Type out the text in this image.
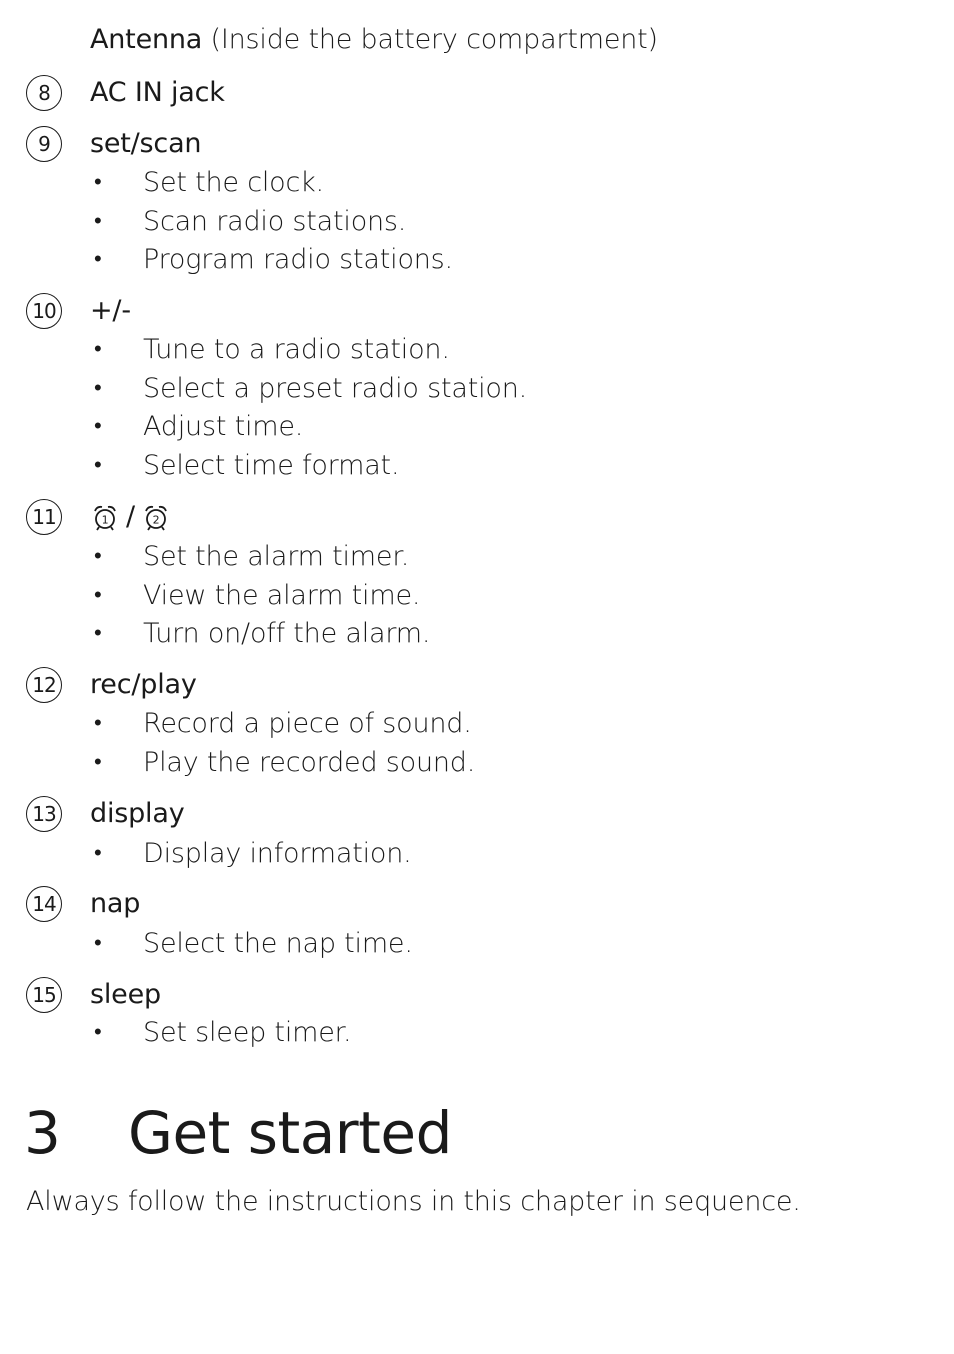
Antenna (Inside the battery compartment)
8	AC IN jack
9	set/scan
• Set the clock.
• Scan radio stations.
• Program radio stations.
10 +/-
• Tune to a radio station.
• Select a preset radio station.
• Adjust time.
• Select time format.
11	1 / 2
• Set the alarm timer.
• View the alarm time.
• Turn on/off the alarm.
12 rec/play
• Record a piece of sound.
• Play the recorded sound.
13 display
• Display information.
14 nap
• Select the nap time.
15 sleep
• Set sleep timer.
3 Get started
Always follow the instructions in this chapter in sequence.
